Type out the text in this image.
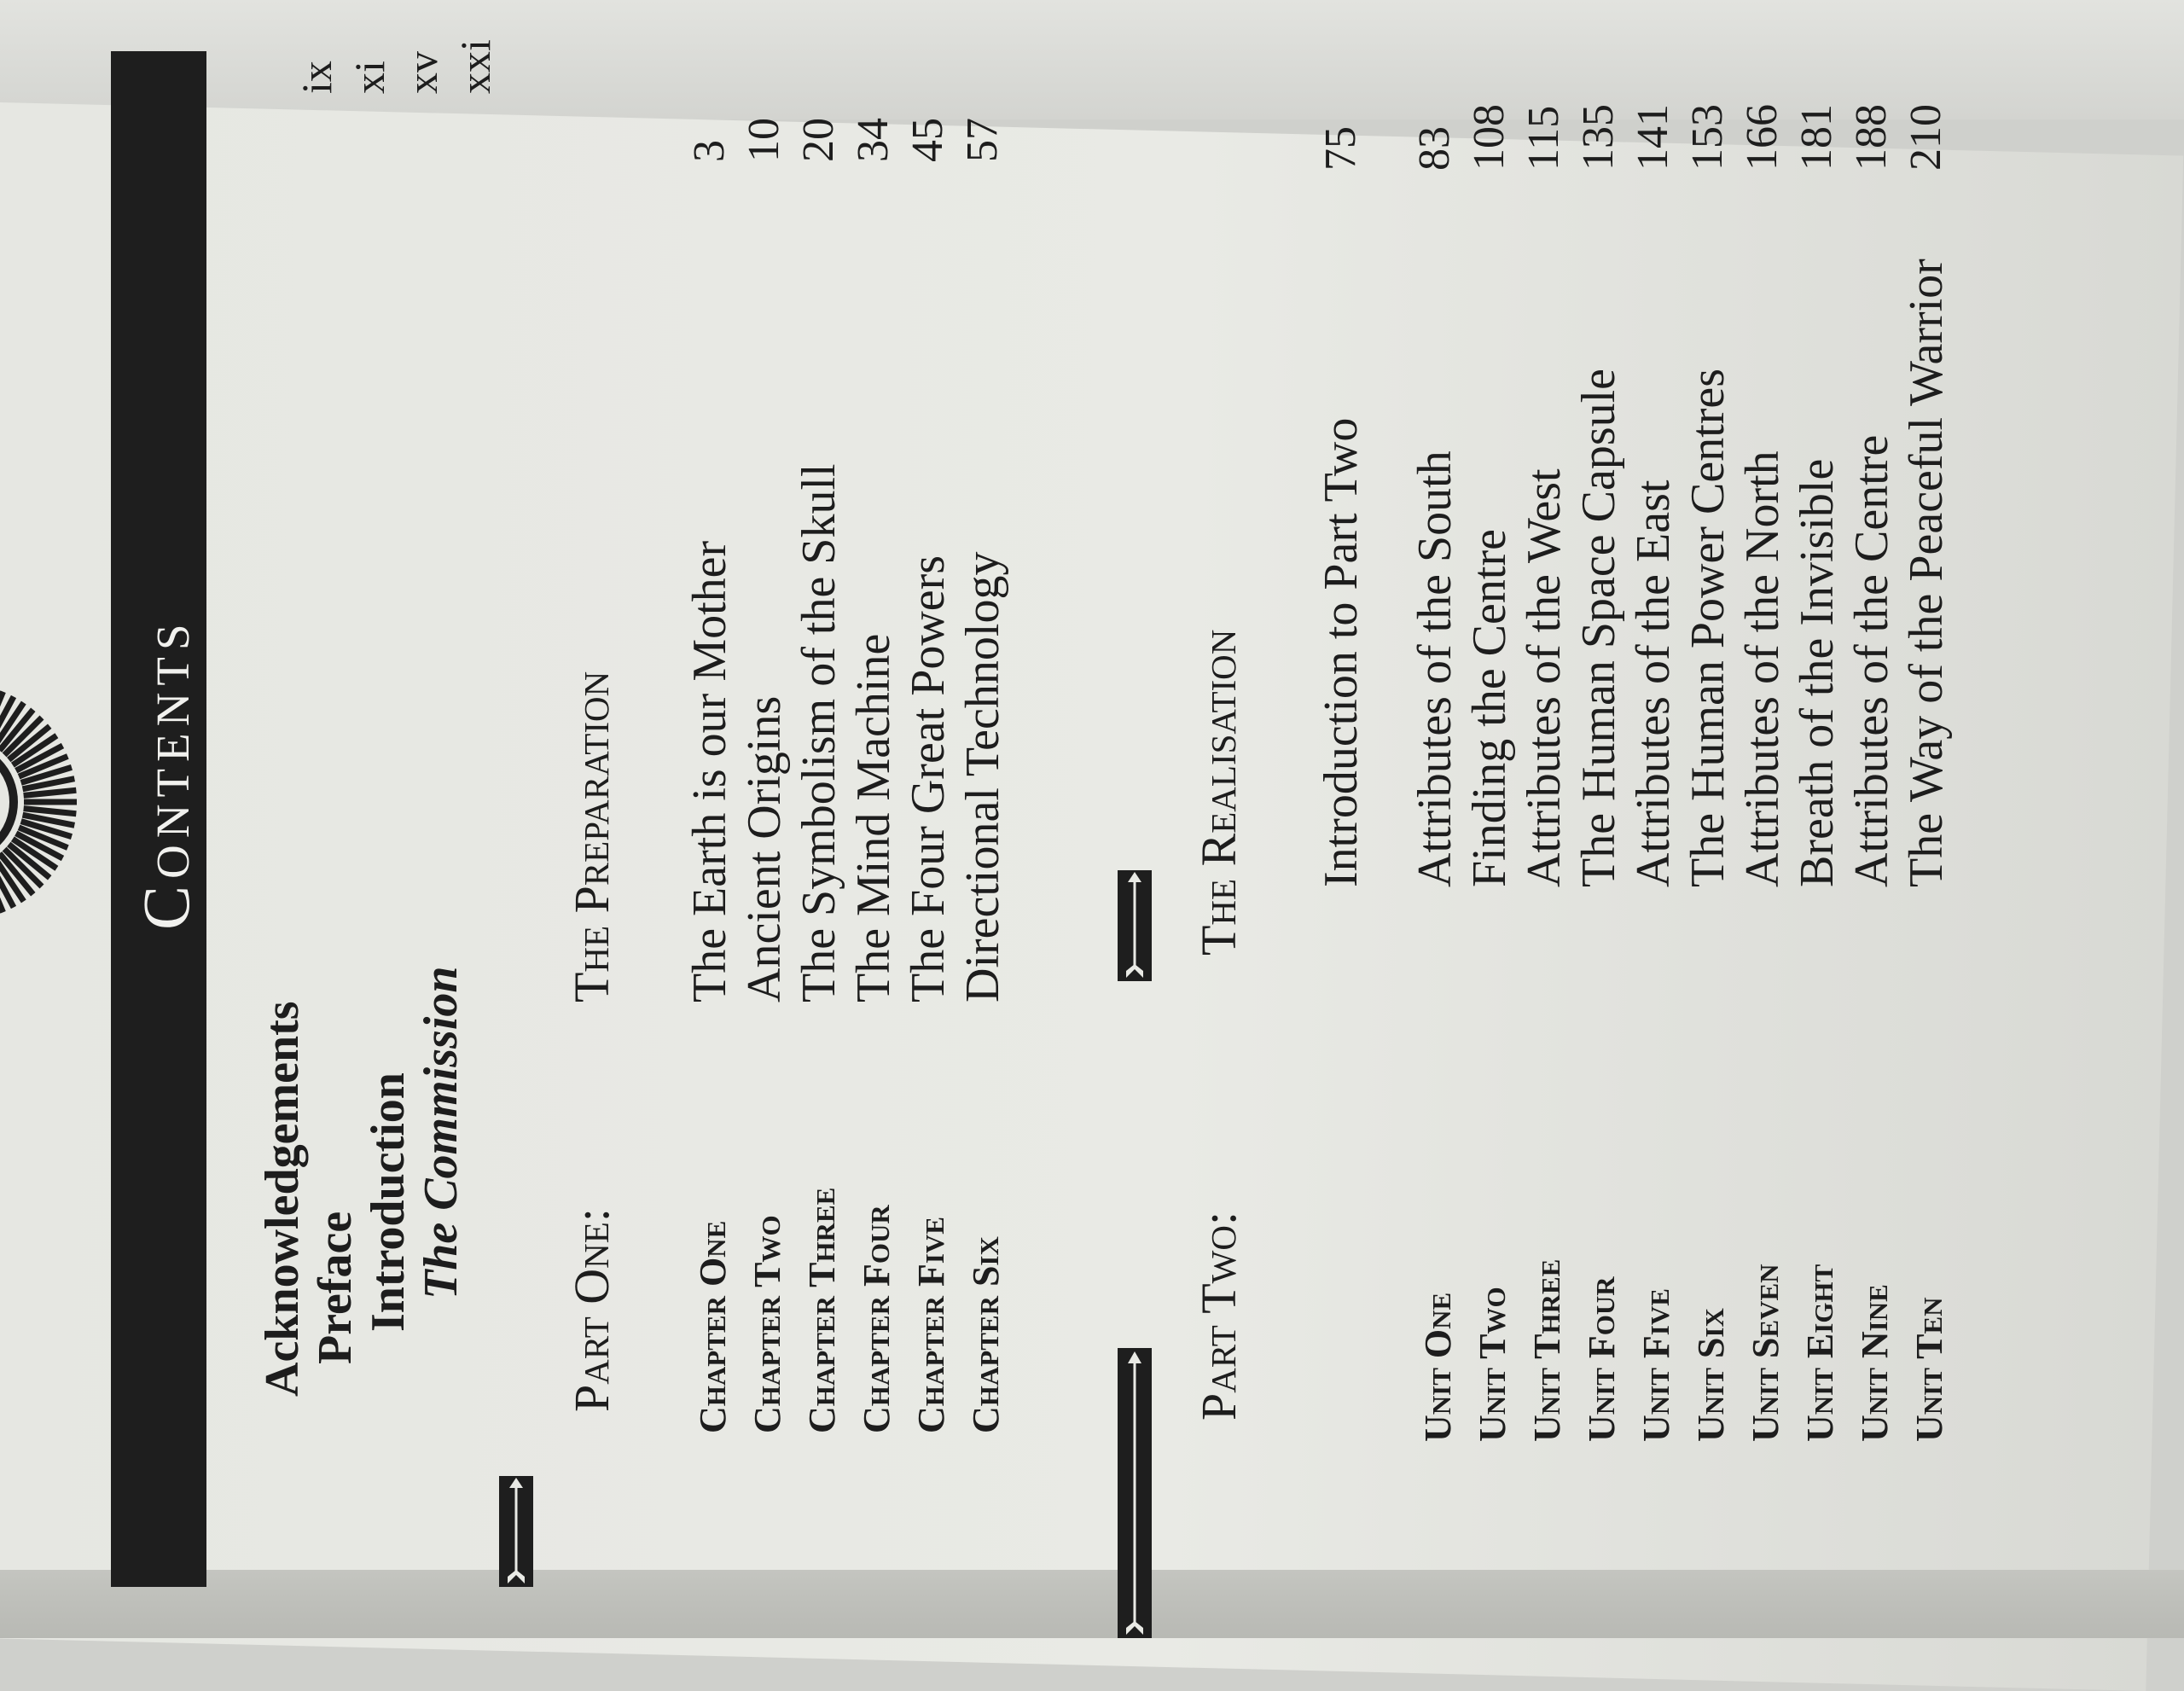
Contents
Acknowledgements Preface Introduction The Commission
ix xi xv xxi
Part One:
The Preparation
Chapter One
The Earth is our Mother
3
Chapter Two
Ancient Origins
10
Chapter Three
The Symbolism of the Skull
20
Chapter Four
The Mind Machine
34
Chapter Five
The Four Great Powers
45
Chapter Six
Directional Technology
57
Part Two:
The Realisation Introduction to Part Two
75
Unit One
Attributes of the South
83
Unit Two
Finding the Centre
108
Unit Three
Attributes of the West
115
Unit Four
The Human Space Capsule
135
Unit Five
Attributes of the East
141
Unit Six
The Human Power Centres
153
Unit Seven
Attributes of the North
166
Unit Eight
Breath of the Invisible
181
Unit Nine
Attributes of the Centre
188
Unit Ten
The Way of the Peaceful Warrior
210
